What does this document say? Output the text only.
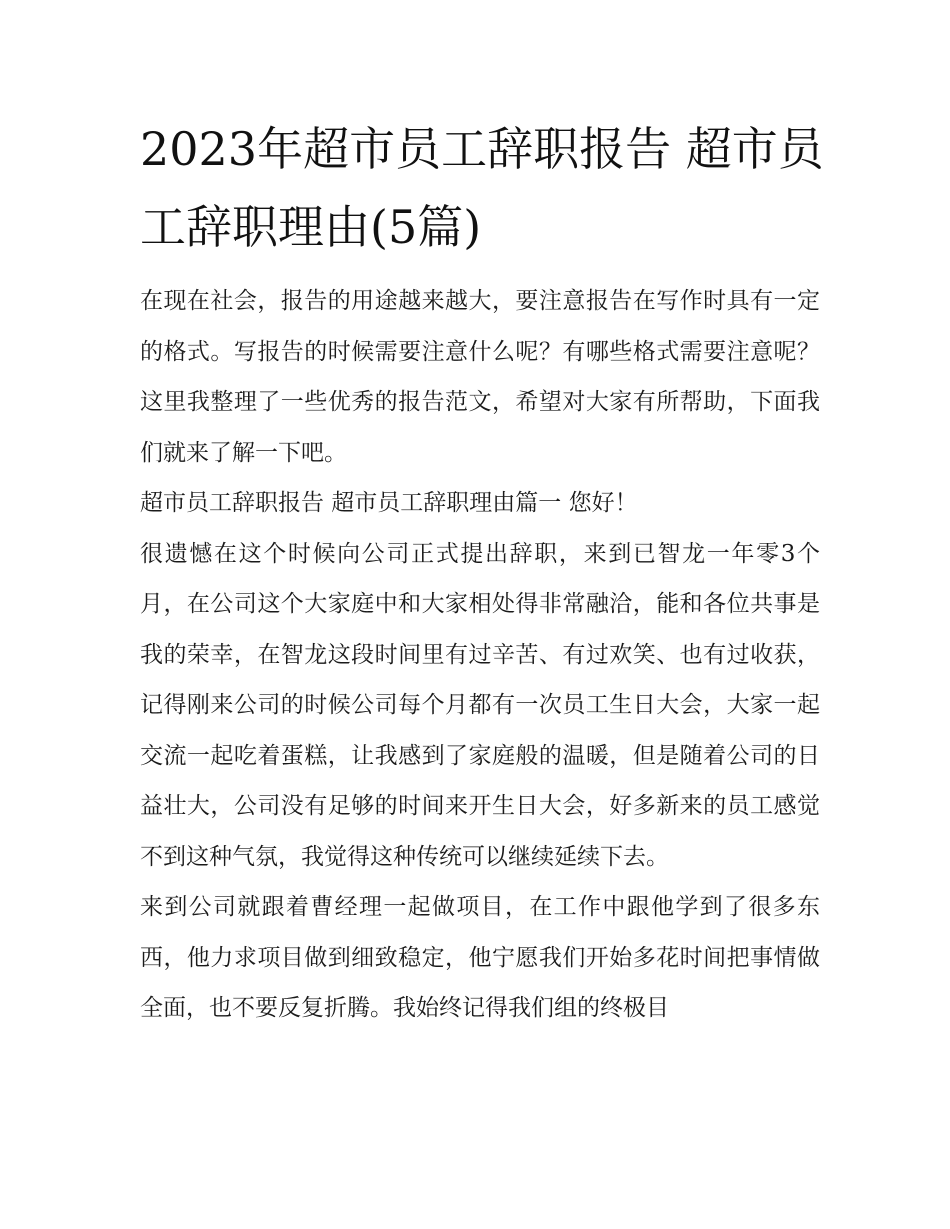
2023年超市员工辞职报告 超市员工辞职理由(5篇)

在现在社会，报告的用途越来越大，要注意报告在写作时具有一定的格式。写报告的时候需要注意什么呢？有哪些格式需要注意呢？这里我整理了一些优秀的报告范文，希望对大家有所帮助，下面我们就来了解一下吧。

超市员工辞职报告 超市员工辞职理由篇一 您好！

很遗憾在这个时候向公司正式提出辞职，来到已智龙一年零3个月，在公司这个大家庭中和大家相处得非常融洽，能和各位共事是我的荣幸，在智龙这段时间里有过辛苦、有过欢笑、也有过收获，记得刚来公司的时候公司每个月都有一次员工生日大会，大家一起交流一起吃着蛋糕，让我感到了家庭般的温暖，但是随着公司的日益壮大，公司没有足够的时间来开生日大会，好多新来的员工感觉不到这种气氛，我觉得这种传统可以继续延续下去。

来到公司就跟着曹经理一起做项目，在工作中跟他学到了很多东西，他力求项目做到细致稳定，他宁愿我们开始多花时间把事情做全面，也不要反复折腾。我始终记得我们组的终极目
